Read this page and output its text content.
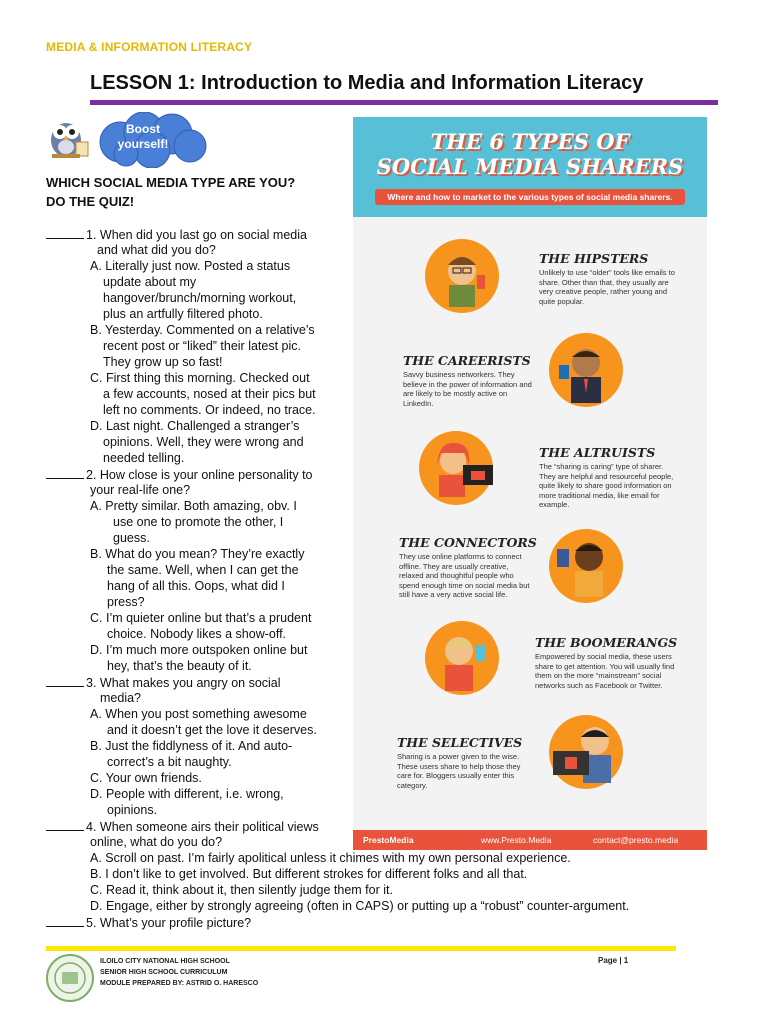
MEDIA & INFORMATION LITERACY
LESSON 1: Introduction to Media and Information Literacy
Boost yourself!
WHICH SOCIAL MEDIA TYPE ARE YOU?
DO THE QUIZ!
1. When did you last go on social media
and what did you do?
A. Literally just now. Posted a status
update about my
hangover/brunch/morning workout,
plus an artfully filtered photo.
B. Yesterday. Commented on a relative’s
recent post or “liked” their latest pic.
They grow up so fast!
C. First thing this morning. Checked out
a few accounts, nosed at their pics but
left no comments. Or indeed, no trace.
D. Last night. Challenged a stranger’s
opinions. Well, they were wrong and
needed telling.
2. How close is your online personality to
your real-life one?
A. Pretty similar. Both amazing, obv. I
use one to promote the other, I
guess.
B. What do you mean? They’re exactly
the same. Well, when I can get the
hang of all this. Oops, what did I
press?
C. I’m quieter online but that’s a prudent
choice. Nobody likes a show-off.
D. I’m much more outspoken online but
hey, that’s the beauty of it.
3. What makes you angry on social
media?
A. When you post something awesome
and it doesn’t get the love it deserves.
B. Just the fiddlyness of it. And auto-
correct’s a bit naughty.
C. Your own friends.
D. People with different, i.e. wrong,
opinions.
4. When someone airs their political views
online, what do you do?
A. Scroll on past. I’m fairly apolitical unless it chimes with my own personal experience.
B. I don’t like to get involved. But different strokes for different folks and all that.
C. Read it, think about it, then silently judge them for it.
D. Engage, either by strongly agreeing (often in CAPS) or putting up a “robust” counter-argument.
5. What’s your profile picture?
THE 6 TYPES OF
SOCIAL MEDIA SHARERS
Where and how to market to the various types of social media sharers.
THE HIPSTERS
Unlikely to use “older” tools like emails to share. Other than that, they usually are very creative people, rather young and quite popular.
THE CAREERISTS
Savvy business networkers. They believe in the power of information and are likely to be mostly active on LinkedIn.
THE ALTRUISTS
The “sharing is caring” type of sharer. They are helpful and resourceful people, quite likely to share good information on more traditional media, like email for example.
THE CONNECTORS
They use online platforms to connect offline. They are usually creative, relaxed and thoughtful people who spend enough time on social media but still have a very active social life.
THE BOOMERANGS
Empowered by social media, these users share to get attention. You will usually find them on the more “mainstream” social networks such as Facebook or Twitter.
THE SELECTIVES
Sharing is a power given to the wise. These users share to help those they care for. Bloggers usually enter this category.
PrestoMedia	www.Presto.Media	contact@presto.media
ILOILO CITY NATIONAL HIGH SCHOOL
SENIOR HIGH SCHOOL CURRICULUM
MODULE PREPARED BY: ASTRID O. HARESCO
Page | 1
